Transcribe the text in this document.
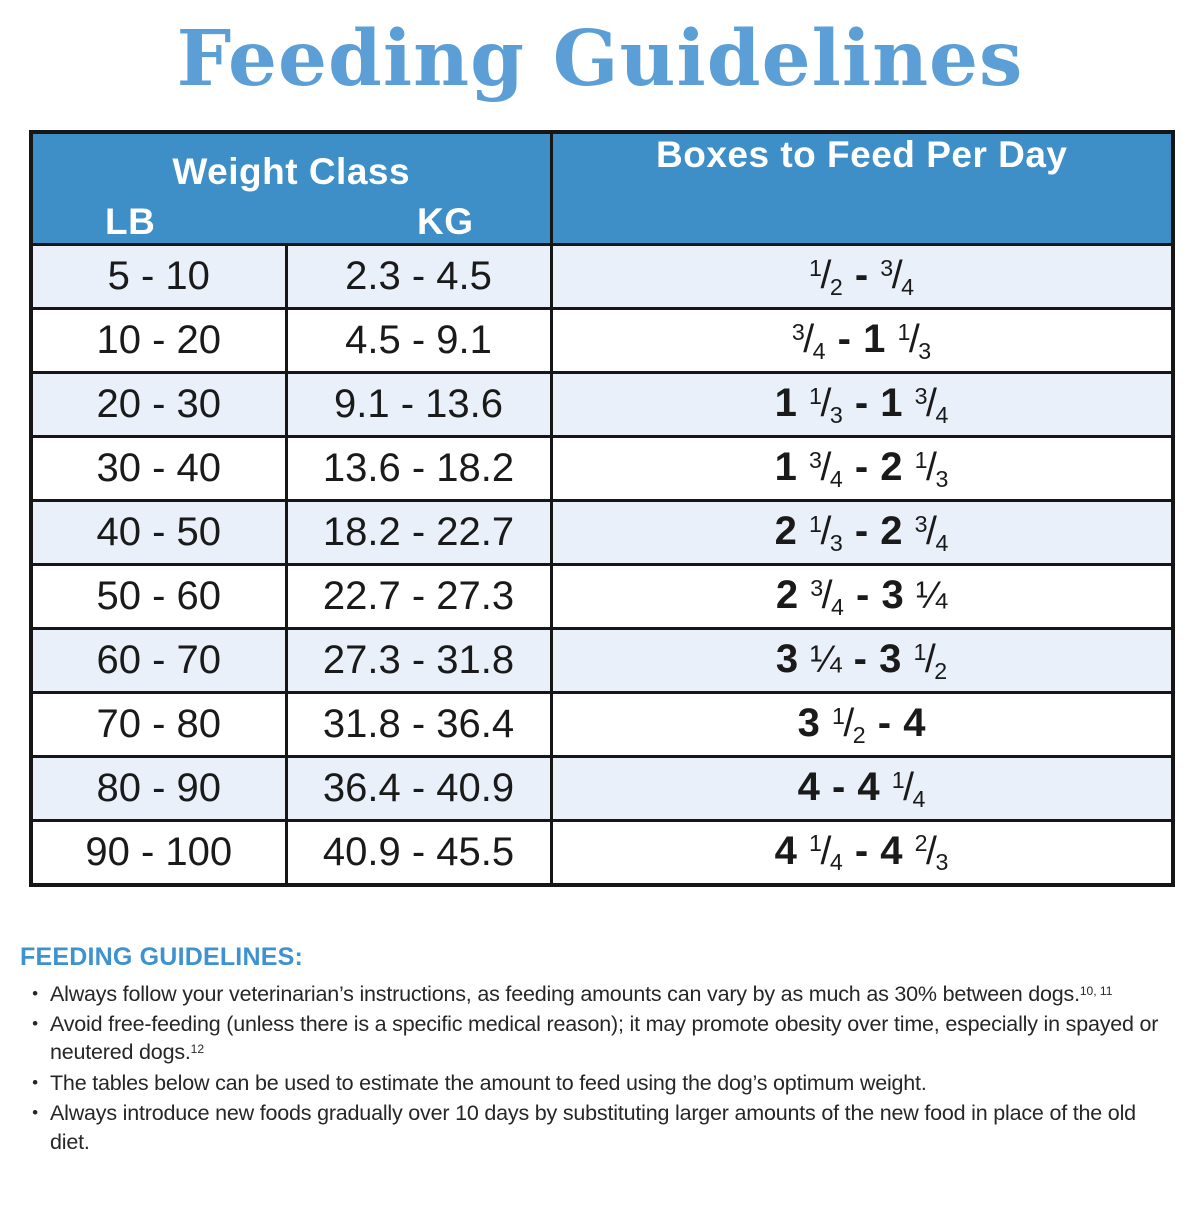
Feeding Guidelines
Weight Class
LB KG		Boxes to Feed Per Day
5 - 10	2.3 - 4.5	$^1$/2 - $^3$/4
10 - 20	4.5 - 9.1	$^3$/4 - 1 $^1$/3
20 - 30	9.1 - 13.6	1 $^1$/3 - 1 $^3$/4
30 - 40	13.6 - 18.2	1 $^3$/4 - 2 $^1$/3
40 - 50	18.2 - 22.7	2 $^1$/3 - 2 $^3$/4
50 - 60	22.7 - 27.3	2 $^3$/4 - 3 ¼
60 - 70	27.3 - 31.8	3 ¼ - 3 $^1$/2
70 - 80	31.8 - 36.4	3 $^1$/2 - 4
80 - 90	36.4 - 40.9	4 - 4 $^1$/4
90 - 100	40.9 - 45.5	4 $^1$/4 - 4 $^2$/3
FEEDING GUIDELINES:
• Always follow your veterinarian’s instructions, as feeding amounts can vary by as much as 30% between dogs.$^{10, 11}$
• Avoid free-feeding (unless there is a specific medical reason); it may promote obesity over time, especially in spayed or neutered dogs.$^{12}$
• The tables below can be used to estimate the amount to feed using the dog’s optimum weight.
• Always introduce new foods gradually over 10 days by substituting larger amounts of the new food in place of the old diet.
